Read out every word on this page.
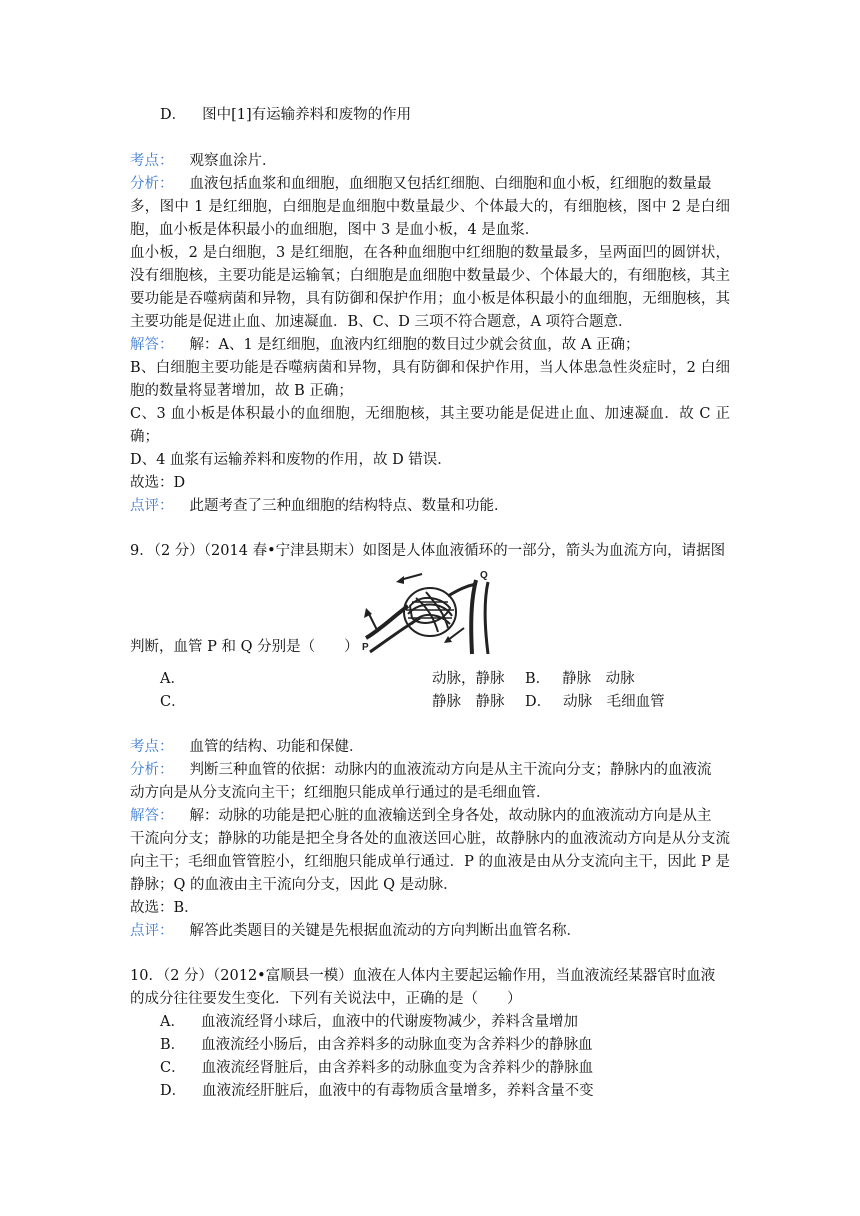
D． 图中[1]有运输养料和废物的作用
考点： 观察血涂片．
分析： 血液包括血浆和血细胞，血细胞又包括红细胞、白细胞和血小板，红细胞的数量最
多，图中 1 是红细胞，白细胞是血细胞中数量最少、个体最大的，有细胞核，图中 2 是白细胞，血小板是体积最小的血细胞，图中 3 是血小板，4 是血浆．
血小板，2 是白细胞，3 是红细胞，在各种血细胞中红细胞的数量最多，呈两面凹的圆饼状，没有细胞核，主要功能是运输氧；白细胞是血细胞中数量最少、个体最大的，有细胞核，其主要功能是吞噬病菌和异物，具有防御和保护作用；血小板是体积最小的血细胞，无细胞核，其主要功能是促进止血、加速凝血．B、C、D 三项不符合题意，A 项符合题意．
解答： 解：A、1 是红细胞，血液内红细胞的数目过少就会贫血，故 A 正确；
B、白细胞主要功能是吞噬病菌和异物，具有防御和保护作用，当人体患急性炎症时，2 白细胞的数量将显著增加，故 B 正确；
C、3 血小板是体积最小的血细胞，无细胞核，其主要功能是促进止血、加速凝血．故 C 正确；
D、4 血浆有运输养料和废物的作用，故 D 错误．
故选：D
点评： 此题考查了三种血细胞的结构特点、数量和功能．
9．（2 分）（2014 春•宁津县期末）如图是人体血液循环的一部分，箭头为血流方向，请据图
P
Q
判断，血管 P 和 Q 分别是（　　）
A．	动脉，静脉 B． 静脉　动脉
C．	静脉　静脉 D． 动脉　毛细血管
考点： 血管的结构、功能和保健．
分析： 判断三种血管的依据：动脉内的血液流动方向是从主干流向分支；静脉内的血液流
动方向是从分支流向主干；红细胞只能成单行通过的是毛细血管．
解答： 解：动脉的功能是把心脏的血液输送到全身各处，故动脉内的血液流动方向是从主
干流向分支；静脉的功能是把全身各处的血液送回心脏，故静脉内的血液流动方向是从分支流向主干；毛细血管管腔小，红细胞只能成单行通过．P 的血液是由从分支流向主干，因此 P 是静脉；Q 的血液由主干流向分支，因此 Q 是动脉．
故选：B．
点评： 解答此类题目的关键是先根据血流动的方向判断出血管名称．
10．（2 分）（2012•富顺县一模）血液在人体内主要起运输作用，当血液流经某器官时血液
的成分往往要发生变化．下列有关说法中，正确的是（　　）
A． 血液流经肾小球后，血液中的代谢废物减少，养料含量增加
B． 血液流经小肠后，由含养料多的动脉血变为含养料少的静脉血
C． 血液流经肾脏后，由含养料多的动脉血变为含养料少的静脉血
D． 血液流经肝脏后，血液中的有毒物质含量增多，养料含量不变
